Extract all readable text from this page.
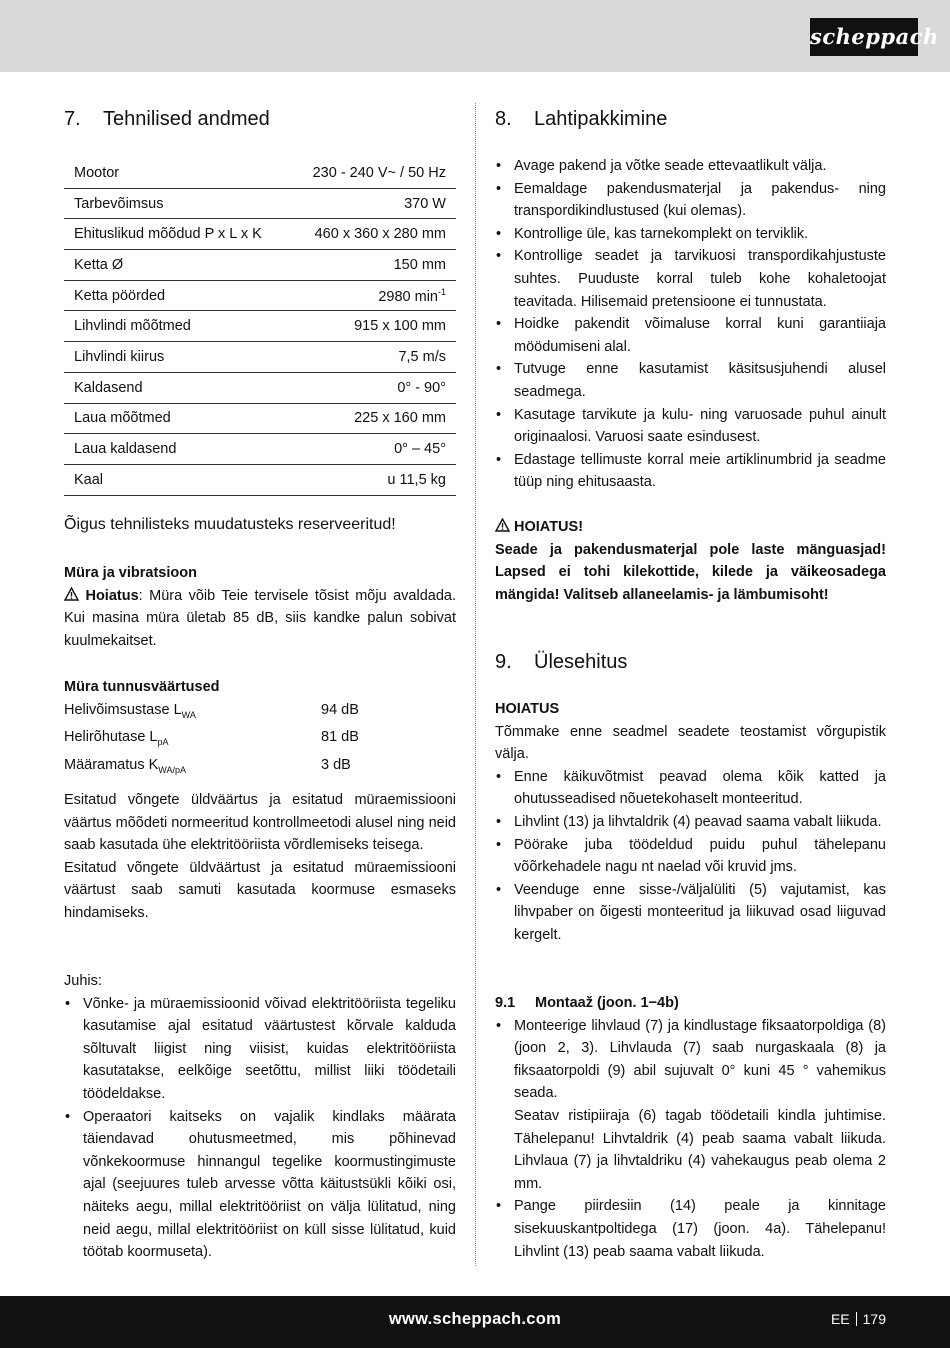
scheppach
7. Tehnilised andmed
Mootor	230 - 240 V~ / 50 Hz
Tarbevõimsus	370 W
Ehituslikud mõõdud P x L x K	460 x 360 x 280 mm
Ketta Ø	150 mm
Ketta pöörded	2980 $\min^{-1}$
Lihvlindi mõõtmed	915 x 100 mm
Lihvlindi kiirus	7,5 m/s
Kaldasend	0° - 90°
Laua mõõtmed	225 x 160 mm
Laua kaldasend	0° – 45°
Kaal	u 11,5 kg

Õigus tehnilisteks muudatusteks reserveeritud!

Müra ja vibratsioon

Hoiatus: Müra võib Teie tervisele tõsist mõju avaldada. Kui masina müra ületab 85 dB, siis kandke palun sobivat kuulmekaitset.

Müra tunnusväärtused

Helivõimsustase $L_{WA}$	94 dB
Helirõhutase $L_{pA}$	81 dB
Määramatus $K_{WA/pA}$	3 dB

Esitatud võngete üldväärtus ja esitatud müraemissiooni väärtus mõõdeti normeeritud kontrollmeetodi alusel ning neid saab kasutada ühe elektritööriista võrdlemiseks teisega.

Esitatud võngete üldväärtust ja esitatud müraemissiooni väärtust saab samuti kasutada koormuse esmaseks hindamiseks.

Juhis:

• Võnke- ja müraemissioonid võivad elektritööriista tegeliku kasutamise ajal esitatud väärtustest kõrvale kalduda sõltuvalt liigist ning viisist, kuidas elektritööriista kasutatakse, eelkõige seetõttu, millist liiki töödetaili töödeldakse.
• Operaatori kaitseks on vajalik kindlaks määrata täiendavad ohutusmeetmed, mis põhinevad võnkekoormuse hinnangul tegelike koormustingimuste ajal (seejuures tuleb arvesse võtta käitustsükli kõiki osi, näiteks aegu, millal elektritööriist on välja lülitatud, ning neid aegu, millal elektritööriist on küll sisse lülitatud, kuid töötab koormuseta).
8. Lahtipakkimine
• Avage pakend ja võtke seade ettevaatlikult välja.
• Eemaldage pakendusmaterjal ja pakendus- ning transpordikindlustused (kui olemas).
• Kontrollige üle, kas tarnekomplekt on terviklik.
• Kontrollige seadet ja tarvikuosi transpordikahjustuste suhtes. Puuduste korral tuleb kohe kohaletoojat teavitada. Hilisemaid pretensioone ei tunnustata.
• Hoidke pakendit võimaluse korral kuni garantiiaja möödumiseni alal.
• Tutvuge enne kasutamist käsitsusjuhendi alusel seadmega.
• Kasutage tarvikute ja kulu- ning varuosade puhul ainult originaalosi. Varuosi saate esindusest.
• Edastage tellimuste korral meie artiklinumbrid ja seadme tüüp ning ehitusaasta.

HOIATUS!

Seade ja pakendusmaterjal pole laste mänguasjad! Lapsed ei tohi kilekottide, kilede ja väikeosadega mängida! Valitseb allaneelamis- ja lämbumisoht!

9. Ülesehitus

HOIATUS

Tõmmake enne seadmel seadete teostamist võrgupistik välja.

• Enne käikuvõtmist peavad olema kõik katted ja ohutusseadised nõuetekohaselt monteeritud.
• Lihvlint (13) ja lihvtaldrik (4) peavad saama vabalt liikuda.
• Pöörake juba töödeldud puidu puhul tähelepanu võõrkehadele nagu nt naelad või kruvid jms.
• Veenduge enne sisse-/väljalüliti (5) vajutamist, kas lihvpaber on õigesti monteeritud ja liikuvad osad liiguvad kergelt.
9.1	Montaaž (joon. 1−4b)
• Monteerige lihvlaud (7) ja kindlustage fiksaatorpoldiga (8) (joon 2, 3). Lihvlauda (7) saab nurgaskaala (8) ja fiksaatorpoldi (9) abil sujuvalt 0° kuni 45 ° vahemikus seada.
Seatav ristipiiraja (6) tagab töödetaili kindla juhtimise. Tähelepanu! Lihvtaldrik (4) peab saama vabalt liikuda. Lihvlaua (7) ja lihvtaldriku (4) vahekaugus peab olema 2 mm.
• Pange piirdesiin (14) peale ja kinnitage sisekuuskantpoltidega (17) (joon. 4a). Tähelepanu! Lihvlint (13) peab saama vabalt liikuda.
www.scheppach.com	EE 179
